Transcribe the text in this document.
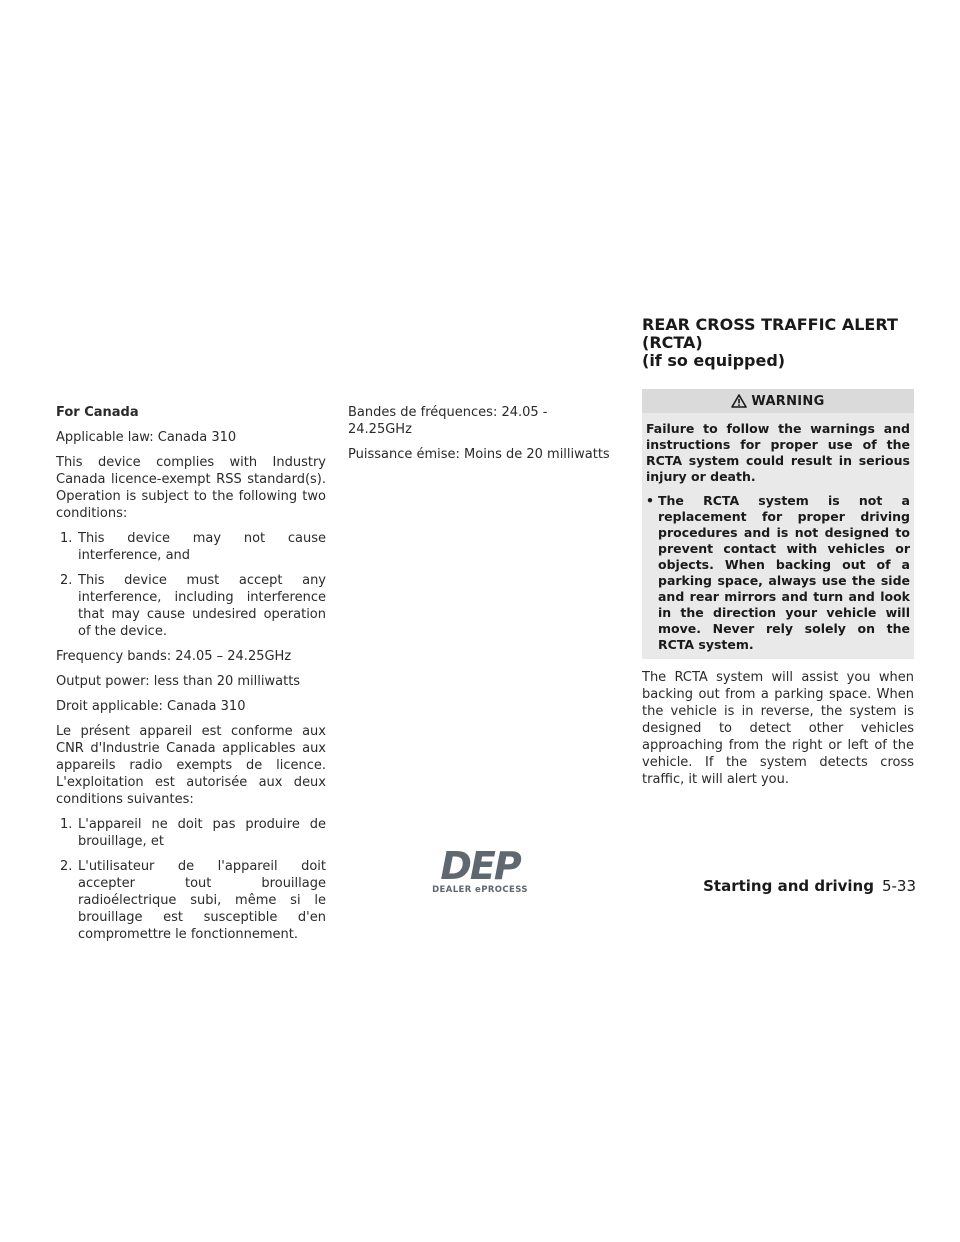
For Canada

Applicable law: Canada 310

This device complies with Industry Canada licence-exempt RSS standard(s). Operation is subject to the following two conditions:

1. This device may not cause interference, and
2. This device must accept any interference, including interference that may cause undesired operation of the device.

Frequency bands: 24.05 – 24.25GHz

Output power: less than 20 milliwatts

Droit applicable: Canada 310

Le présent appareil est conforme aux CNR d'Industrie Canada applicables aux appareils radio exempts de licence. L'exploitation est autorisée aux deux conditions suivantes:

1. L'appareil ne doit pas produire de brouillage, et
2. L'utilisateur de l'appareil doit accepter tout brouillage radioélectrique subi, même si le brouillage est susceptible d'en compromettre le fonctionnement.

Bandes de fréquences: 24.05 - 24.25GHz

Puissance émise: Moins de 20 milliwatts

REAR CROSS TRAFFIC ALERT (RCTA)
(if so equipped)
WARNING

Failure to follow the warnings and instructions for proper use of the RCTA system could result in serious injury or death.

• The RCTA system is not a replacement for proper driving procedures and is not designed to prevent contact with vehicles or objects. When backing out of a parking space, always use the side and rear mirrors and turn and look in the direction your vehicle will move. Never rely solely on the RCTA system.

The RCTA system will assist you when backing out from a parking space. When the vehicle is in reverse, the system is designed to detect other vehicles approaching from the right or left of the vehicle. If the system detects cross traffic, it will alert you.

DEP
DEALER ePROCESS	Starting and driving 5-33
